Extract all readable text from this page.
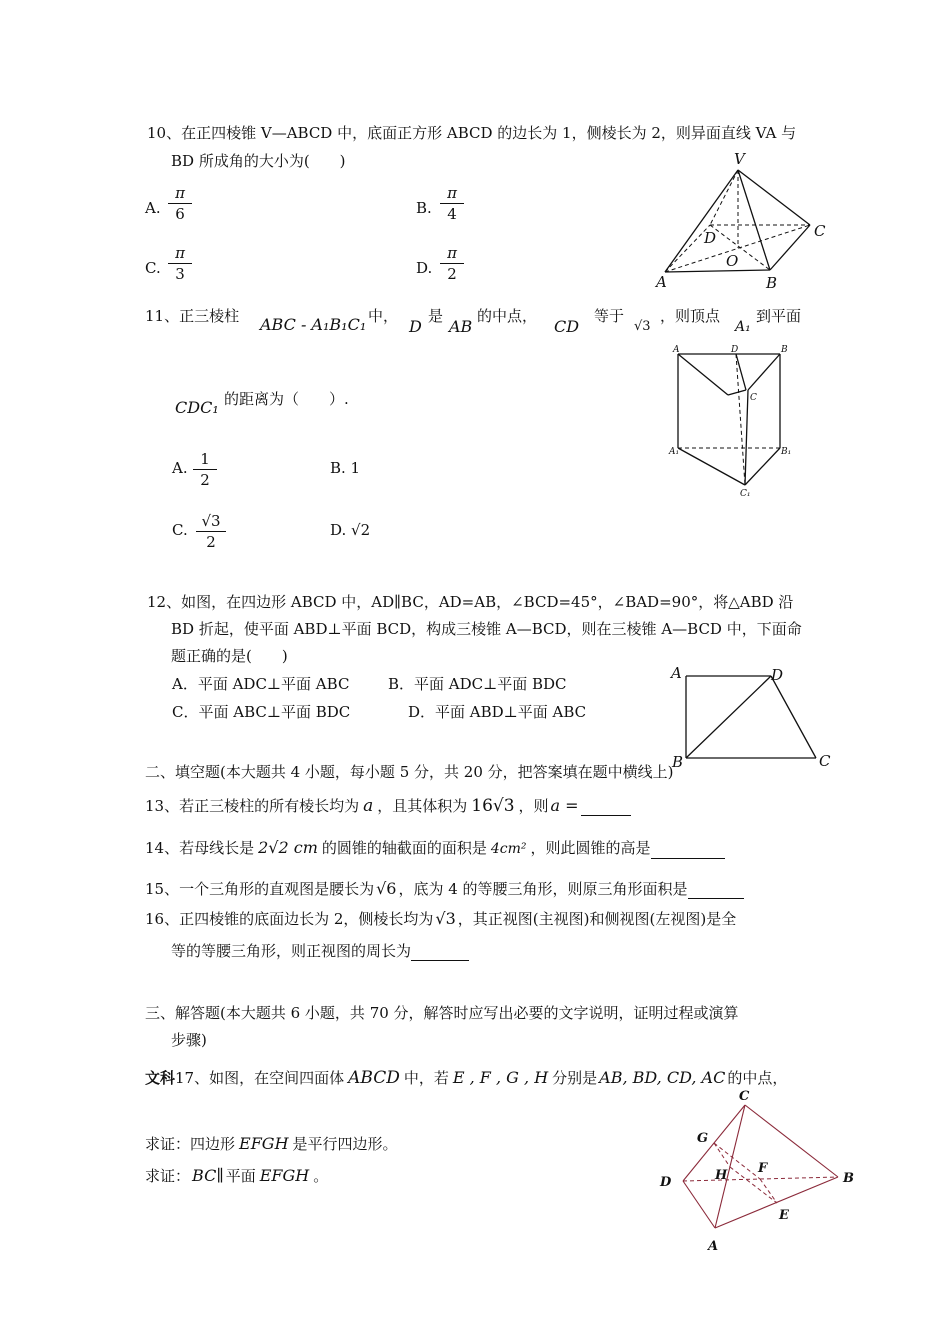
10、在正四棱锥 V—ABCD 中，底面正方形 ABCD 的边长为 1，侧棱长为 2，则异面直线 VA 与
BD 所成角的大小为(　　)
A. $\frac{\pi}{6}$	B. $\frac{\pi}{4}$
C. $\frac{\pi}{3}$	D. $\frac{\pi}{2}$
V
D	C
O
A	B
11、正三棱柱 ABC - A₁B₁C₁ 中，
D
是
AB
的中点，
CD
等于
√3
，则顶点
A₁
到平面
CDC₁ 的距离为（　　）.
A. $\frac{1}{2}$	B. 1
C. $\frac{√3}{2}$	D. √2
A	D	B
C
A₁	B₁
C₁
12、如图，在四边形 ABCD 中，AD∥BC，AD=AB，∠BCD=45°，∠BAD=90°，将△ABD 沿
BD 折起，使平面 ABD⊥平面 BCD，构成三棱锥 A—BCD，则在三棱锥 A—BCD 中，下面命
题正确的是(　　)
A．平面 ADC⊥平面 ABC	B．平面 ADC⊥平面 BDC
C．平面 ABC⊥平面 BDC	D．平面 ABD⊥平面 ABC
A	D
B	C
二、填空题(本大题共 4 小题，每小题 5 分，共 20 分，把答案填在题中横线上)
13、若正三棱柱的所有棱长均为 a ，且其体积为 16√3 ，则 a =
14、若母线长是 2√2 cm 的圆锥的轴截面的面积是 4cm² ，则此圆锥的高是
15、一个三角形的直观图是腰长为 √6 ，底为 4 的等腰三角形，则原三角形面积是
16、正四棱锥的底面边长为 2，侧棱长均为 √3 ，其正视图(主视图)和侧视图(左视图)是全
等的等腰三角形，则正视图的周长为
三、解答题(本大题共 6 小题，共 70 分，解答时应写出必要的文字说明，证明过程或演算
步骤)
文科17、如图，在空间四面体 ABCD 中，若 E , F , G , H 分别是 AB, BD, CD, AC 的中点，
求证：四边形 EFGH 是平行四边形。
求证： BC∥ 平面 EFGH 。
C
G
H F
D	B
E
A
